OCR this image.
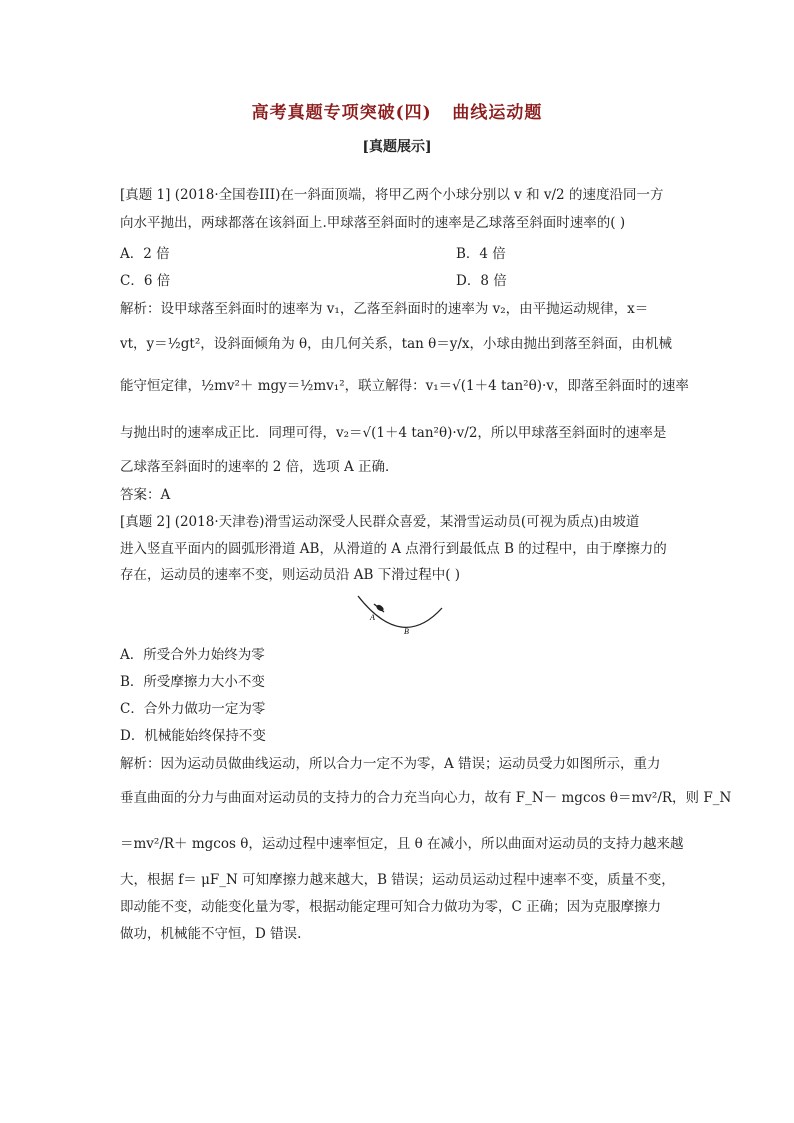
高考真题专项突破(四)   曲线运动题
[真题展示]
[真题 1] (2018·全国卷III)在一斜面顶端，将甲乙两个小球分别以 v 和 v/2 的速度沿同一方
向水平抛出，两球都落在该斜面上.甲球落至斜面时的速率是乙球落至斜面时速率的( )
A．2 倍	B．4 倍
C．6 倍	D．8 倍
解析：设甲球落至斜面时的速率为 v₁，乙落至斜面时的速率为 v₂，由平抛运动规律，x＝
vt，y＝½gt²，设斜面倾角为 θ，由几何关系，tan θ＝y/x，小球由抛出到落至斜面，由机械
能守恒定律，½mv²＋ mgy＝½mv₁²，联立解得：v₁＝√(1＋4 tan²θ)·v，即落至斜面时的速率
与抛出时的速率成正比．同理可得，v₂＝√(1＋4 tan²θ)·v/2，所以甲球落至斜面时的速率是
乙球落至斜面时的速率的 2 倍，选项 A 正确．
答案：A
[真题 2] (2018·天津卷)滑雪运动深受人民群众喜爱，某滑雪运动员(可视为质点)由坡道
进入竖直平面内的圆弧形滑道 AB，从滑道的 A 点滑行到最低点 B 的过程中，由于摩擦力的
存在，运动员的速率不变，则运动员沿 AB 下滑过程中( )
A
B
A．所受合外力始终为零
B．所受摩擦力大小不变
C．合外力做功一定为零
D．机械能始终保持不变
解析：因为运动员做曲线运动，所以合力一定不为零，A 错误；运动员受力如图所示，重力
垂直曲面的分力与曲面对运动员的支持力的合力充当向心力，故有 F_N－ mgcos θ＝mv²/R，则 F_N
＝mv²/R＋ mgcos θ，运动过程中速率恒定，且 θ 在减小，所以曲面对运动员的支持力越来越
大，根据 f＝ μF_N 可知摩擦力越来越大，B 错误；运动员运动过程中速率不变，质量不变，
即动能不变，动能变化量为零，根据动能定理可知合力做功为零，C 正确；因为克服摩擦力
做功，机械能不守恒，D 错误.
